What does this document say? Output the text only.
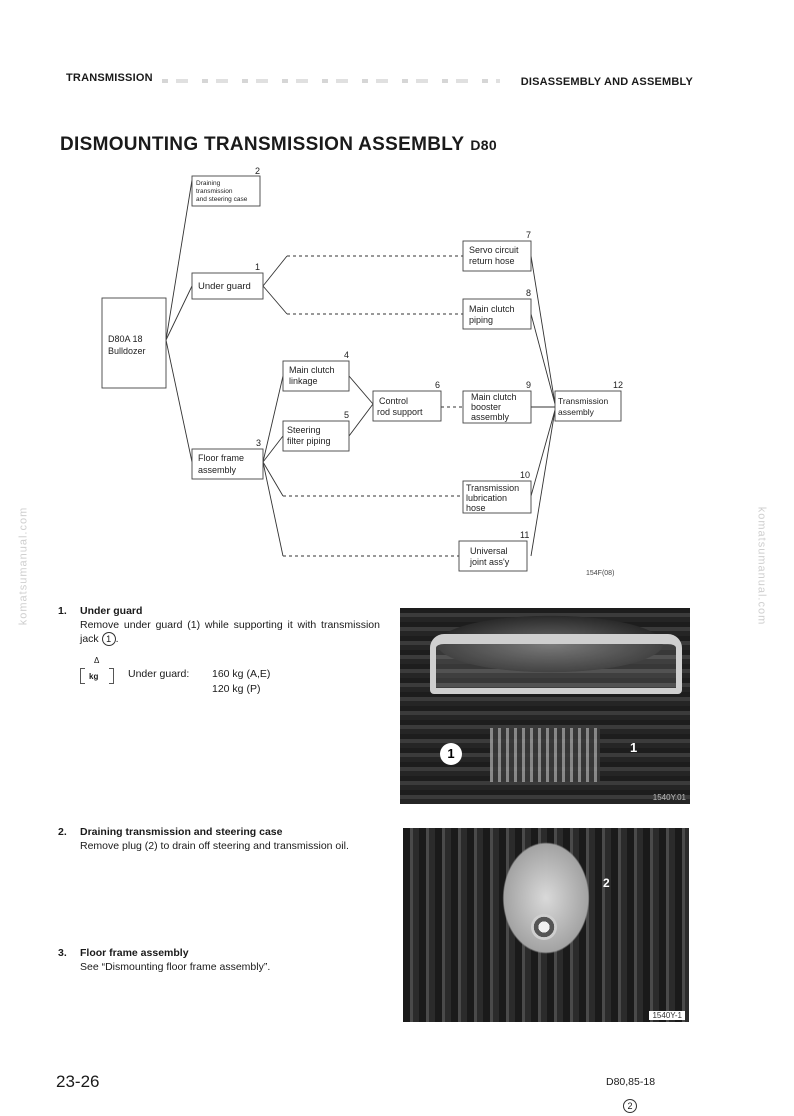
TRANSMISSION	DISASSEMBLY AND ASSEMBLY
DISMOUNTING TRANSMISSION ASSEMBLY D80
komatsumanual.com	komatsumanual.com
D80A 18
Bulldozer
Draining
transmission
and steering case
Under guard
Floor frame
assembly
Main clutch
linkage
Steering
filter piping
Control
rod support
Servo circuit
return hose
Main clutch
piping
Main clutch
booster
assembly
Transmission
lubrication
hose
Universal
joint ass'y
Transmission
assembly
2
1
3
4
5
6
7
8
9
10
11
12
154F(08)
1. Under guard
Remove under guard (1) while supporting it with transmission jack 1 .
Δ
kg	Under guard: 160 kg (A,E)
120 kg (P)
1	1
1540Y.01
2. Draining transmission and steering case
Remove plug (2) to drain off steering and transmission oil.
3. Floor frame assembly
See “Dismounting floor frame assembly”.
2
1540Y-1
23-26	D80,85-18
2
